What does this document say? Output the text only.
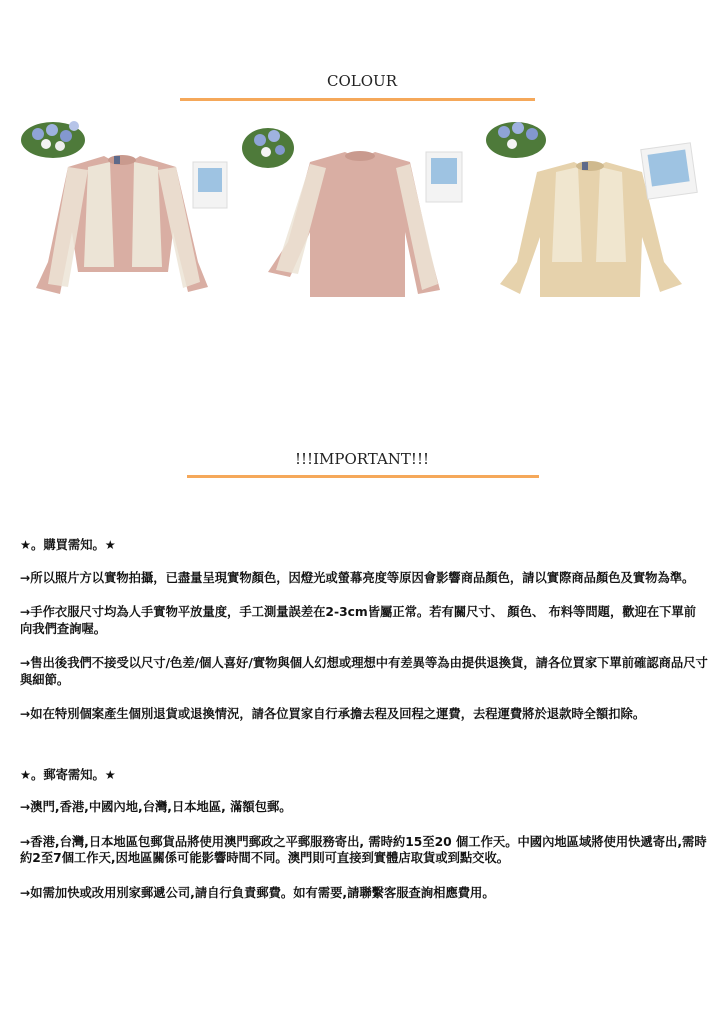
COLOUR
!!!IMPORTANT!!!

★。購買需知。★

→所以照片方以實物拍攝，已盡量呈現實物顏色，因燈光或螢幕亮度等原因會影響商品顏色，請以實際商品顏色及實物為準。

→手作衣服尺寸均為人手實物平放量度，手工測量誤差在2-3cm皆屬正常。若有關尺寸、 顏色、 布料等問題，歡迎在下單前向我們查詢喔。

→售出後我們不接受以尺寸/色差/個人喜好/實物與個人幻想或理想中有差異等為由提供退換貨，請各位買家下單前確認商品尺寸與細節。

→如在特別個案產生個別退貨或退換情況，請各位買家自行承擔去程及回程之運費，去程運費將於退款時全額扣除。

★。郵寄需知。★

→澳門,香港,中國內地,台灣,日本地區, 滿額包郵。

→香港,台灣,日本地區包郵貨品將使用澳門郵政之平郵服務寄出, 需時約15至20 個工作天。中國內地區域將使用快遞寄出,需時約2至7個工作天,因地區關係可能影響時間不同。澳門則可直接到實體店取貨或到點交收。

→如需加快或改用別家郵遞公司,請自行負責郵費。如有需要,請聯繫客服查詢相應費用。
